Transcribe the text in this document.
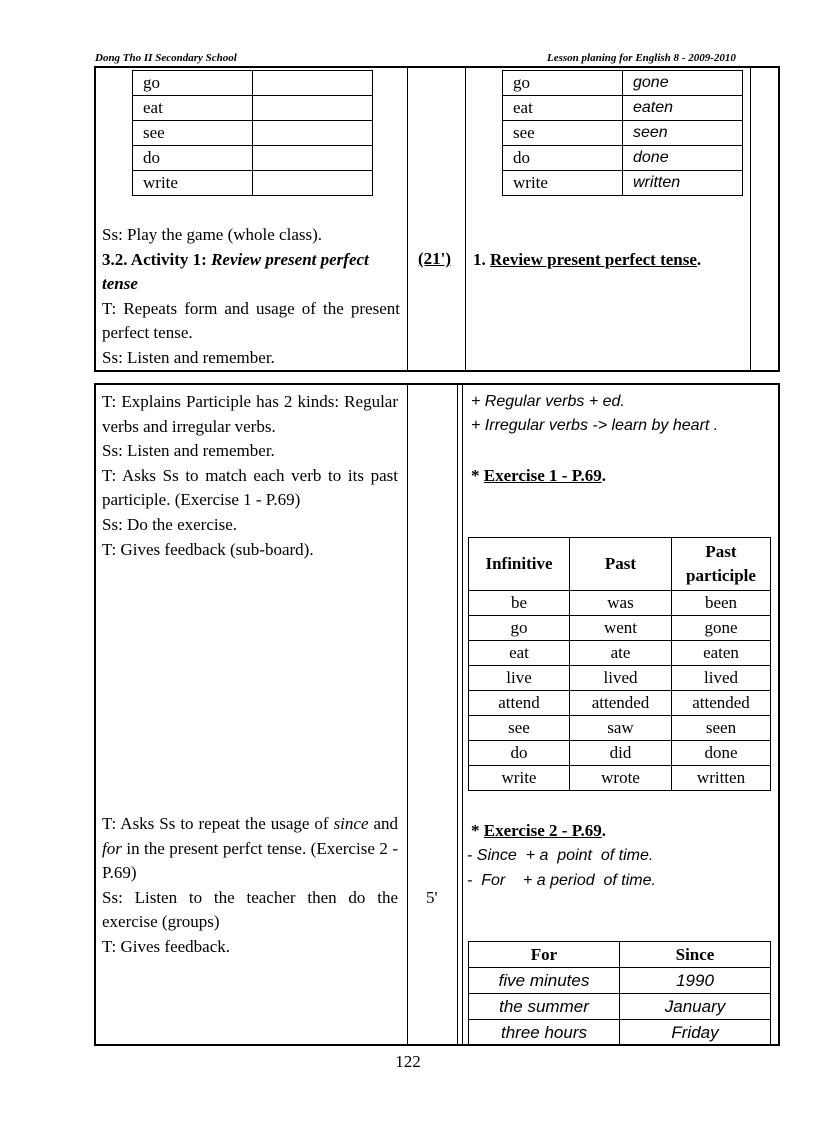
Dong Tho II Secondary School	Lesson planing for English 8 - 2009-2010
go	
eat	
see	
do	
write	
go	gone
eat	eaten
see	seen
do	done
write	written
Ss: Play the game (whole class).
3.2. Activity 1: Review present perfect
tense
T: Repeats form and usage of the present perfect tense.
Ss: Listen and remember.
(21') 1. Review present perfect tense.
T: Explains Participle has 2 kinds: Regular verbs and irregular verbs.
Ss: Listen and remember.
T: Asks Ss to match each verb to its past participle. (Exercise 1 - P.69)
Ss: Do the exercise.
T: Gives feedback (sub-board).
T: Asks Ss to repeat the usage of since and for in the present perfct tense. (Exercise 2 - P.69)
Ss: Listen to the teacher then do the exercise (groups)
T: Gives feedback.
5'
+ Regular verbs + ed.
+ Irregular verbs -> learn by heart .
* Exercise 1 - P.69.
Infinitive	Past	Past participle
be	was	been
go	went	gone
eat	ate	eaten
live	lived	lived
attend	attended	attended
see	saw	seen
do	did	done
write	wrote	written
* Exercise 2 - P.69.
- Since  + a  point  of time.
-  For    + a period  of time.
For	Since
five minutes	1990
the summer	January
three hours	Friday
122
